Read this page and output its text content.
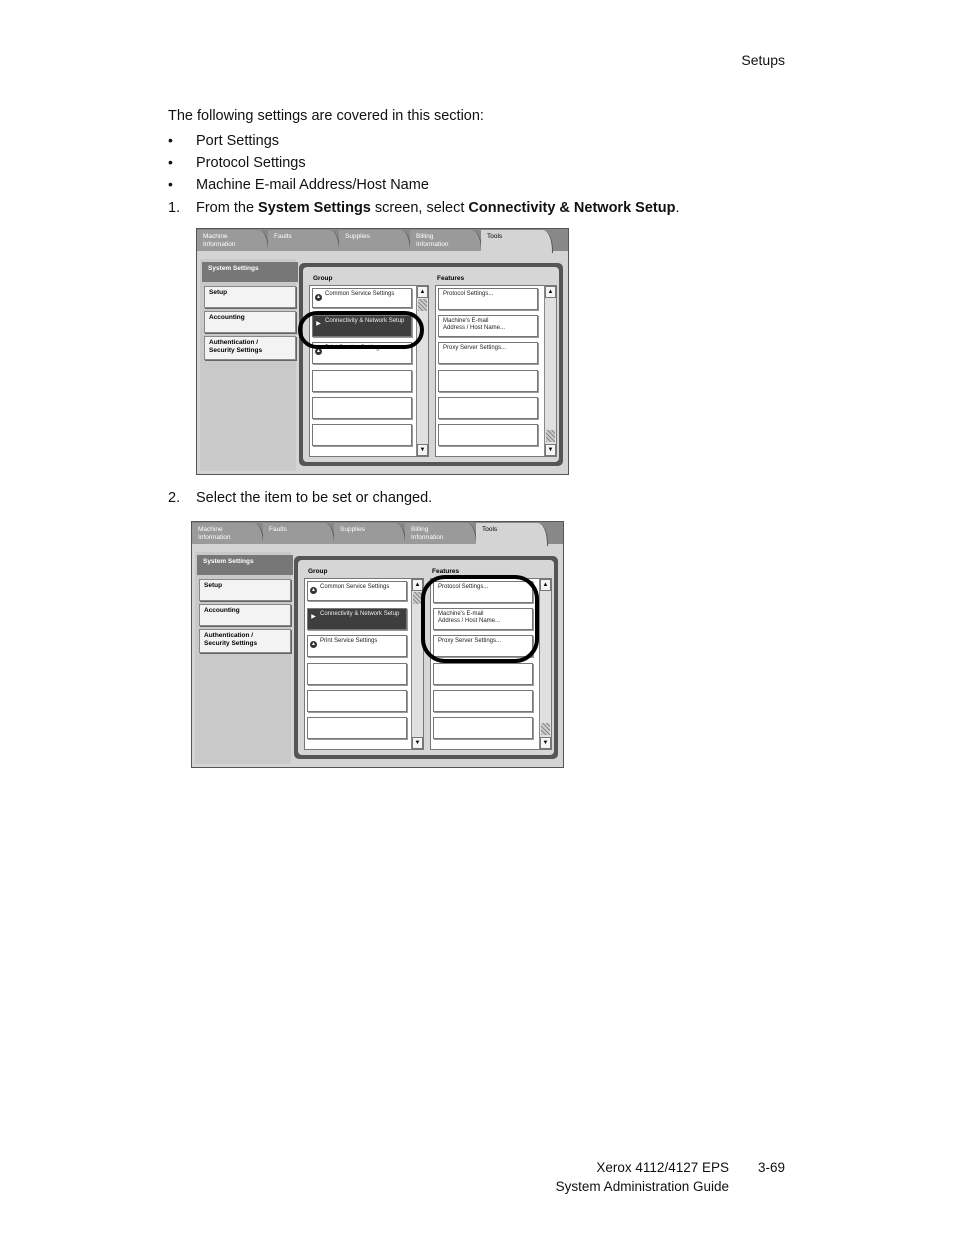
Setups
The following settings are covered in this section:
• Port Settings
• Protocol Settings
• Machine E-mail Address/Host Name
1. From the System Settings screen, select Connectivity & Network Setup.
Machine
Information
Faults	Supplies	Billing
Information
Tools
System Settings
Setup
Accounting
Authentication /
Security Settings
Group	Features
▲ Common Service Settings
▶ Connectivity & Network Setup
▲ Print Service Settings
▲
▼
Protocol Settings...
Machine's E-mail
Address / Host Name...
Proxy Server Settings...
▲
▼
2. Select the item to be set or changed.
Machine
Information
Faults	Supplies	Billing
Information
Tools
System Settings
Setup
Accounting
Authentication /
Security Settings
Group	Features
▲ Common Service Settings
▶ Connectivity & Network Setup
▲ Print Service Settings
▲
▼
Protocol Settings...
Machine's E-mail
Address / Host Name...
Proxy Server Settings...
▲
▼
Xerox 4112/4127 EPS 3-69
System Administration Guide
